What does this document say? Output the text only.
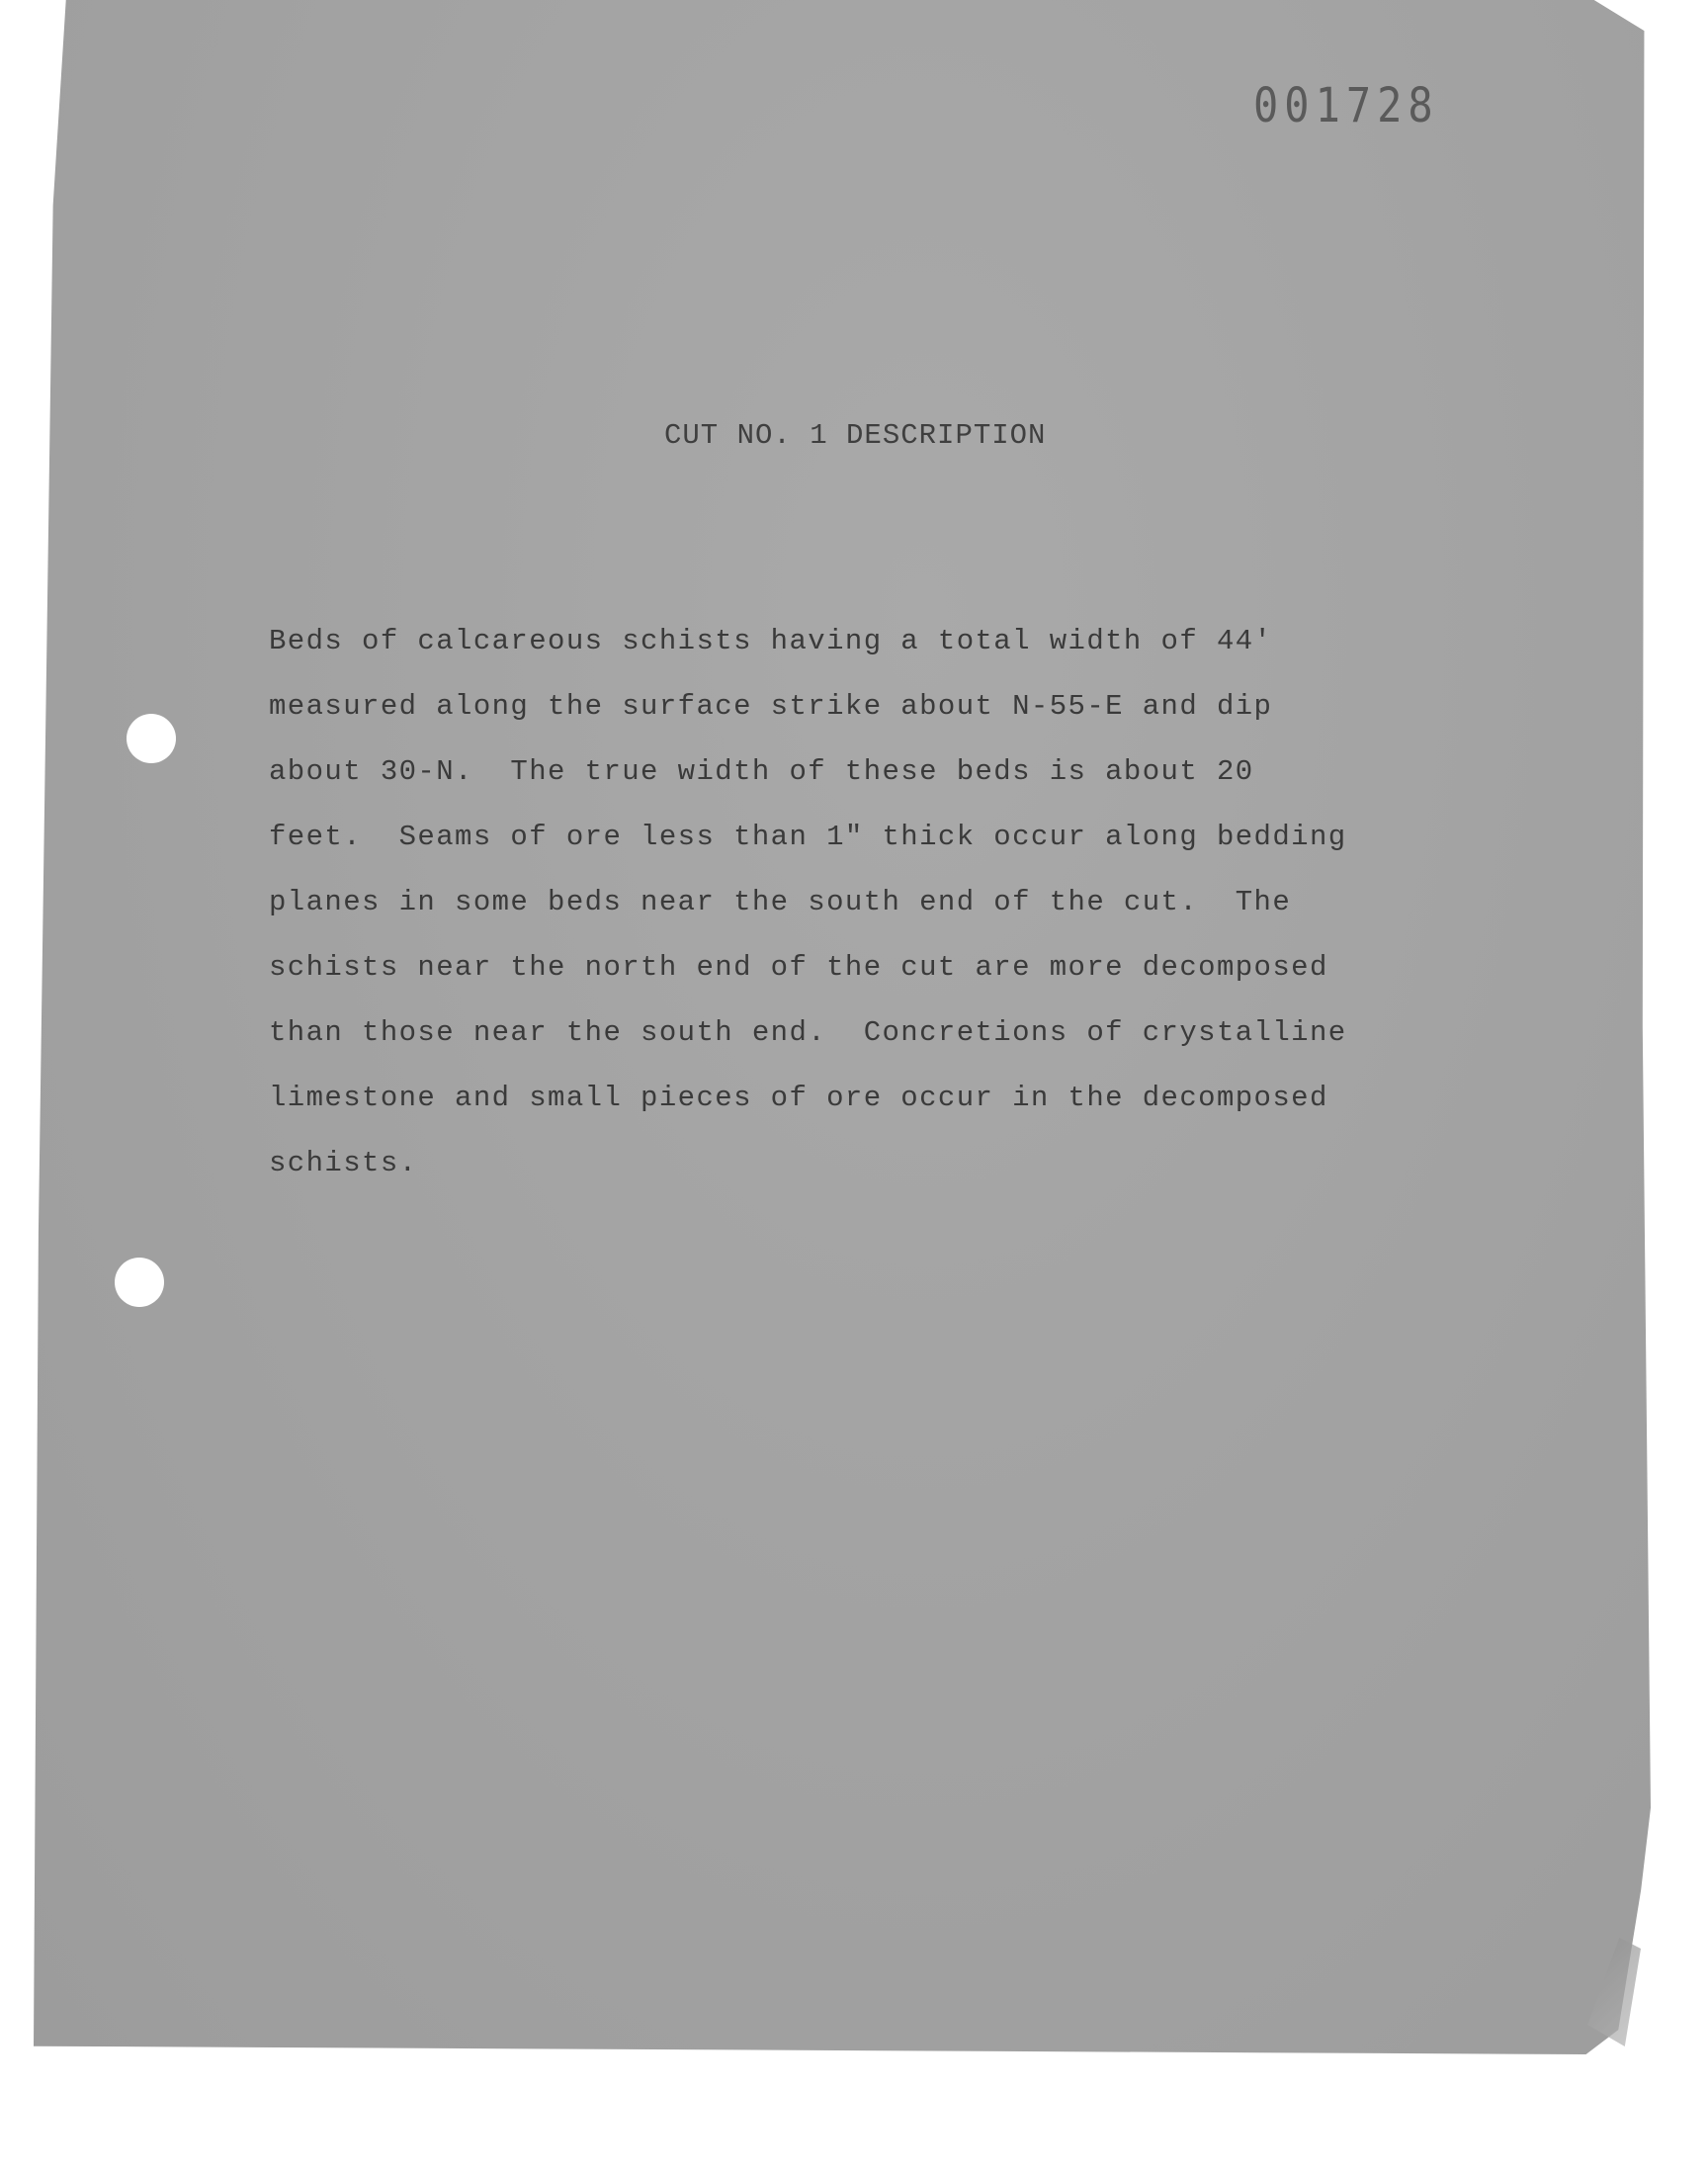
001728
CUT NO. 1 DESCRIPTION
Beds of calcareous schists having a total width of 44'
measured along the surface strike about N-55-E and dip
about 30-N.  The true width of these beds is about 20
feet.  Seams of ore less than 1" thick occur along bedding
planes in some beds near the south end of the cut.  The
schists near the north end of the cut are more decomposed
than those near the south end.  Concretions of crystalline
limestone and small pieces of ore occur in the decomposed
schists.
